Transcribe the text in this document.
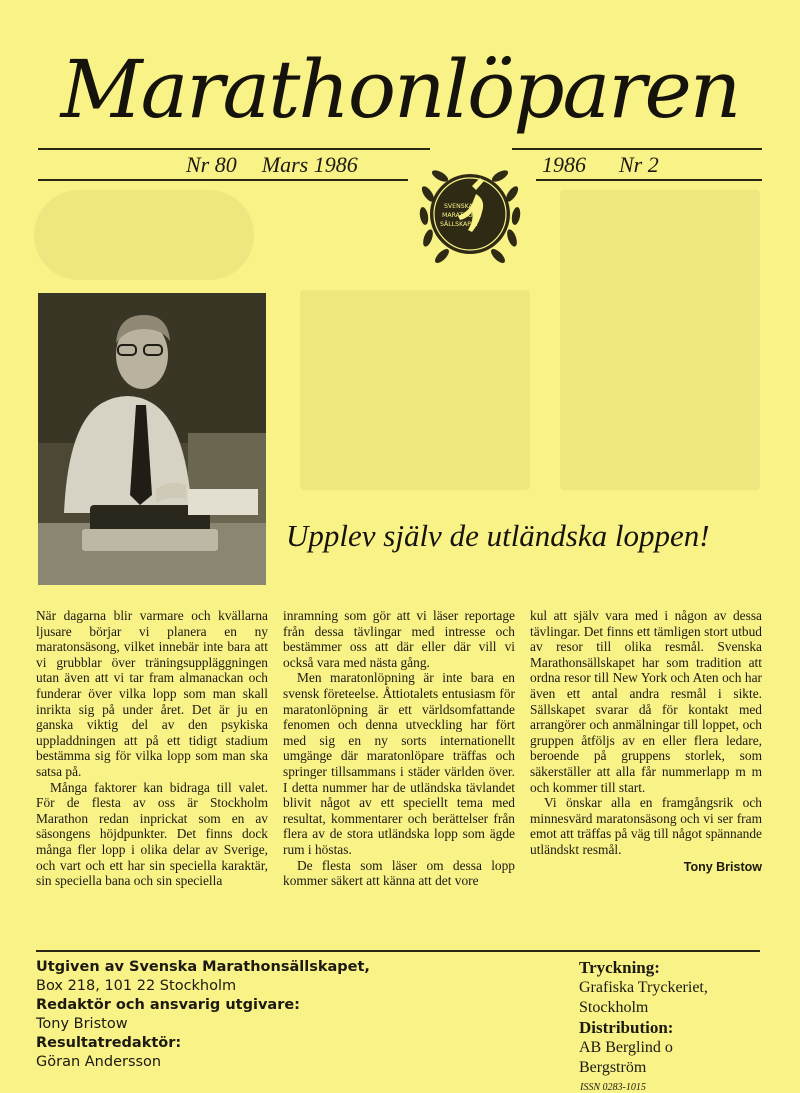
Marathonlöparen
Nr 80 Mars 1986	1986 Nr 2
SVENSKA
MARATHON
SÄLLSKAPET
Upplev själv de utländska loppen!

När dagarna blir varmare och kvällarna ljusare börjar vi planera en ny maratonsäsong, vilket innebär inte bara att vi grubblar över träningsuppläggningen utan även att vi tar fram almanackan och funderar över vilka lopp som man skall inrikta sig på under året. Det är ju en ganska viktig del av den psykiska uppladdningen att på ett tidigt stadium bestämma sig för vilka lopp som man ska satsa på.

Många faktorer kan bidraga till valet. För de flesta av oss är Stockholm Marathon redan inprickat som en av säsongens höjdpunkter. Det finns dock många fler lopp i olika delar av Sverige, och vart och ett har sin speciella karaktär, sin speciella bana och sin speciella

inramning som gör att vi läser reportage från dessa tävlingar med intresse och bestämmer oss att där eller där vill vi också vara med nästa gång.

Men maratonlöpning är inte bara en svensk företeelse. Åttiotalets entusiasm för maratonlöpning är ett världsomfattande fenomen och denna utveckling har fört med sig en ny sorts internationellt umgänge där maratonlöpare träffas och springer tillsammans i städer världen över. I detta nummer har de utländska tävlandet blivit något av ett speciellt tema med resultat, kommentarer och berättelser från flera av de stora utländska lopp som ägde rum i höstas.

De flesta som läser om dessa lopp kommer säkert att känna att det vore

kul att själv vara med i någon av dessa tävlingar. Det finns ett tämligen stort utbud av resor till olika resmål. Svenska Marathonsällskapet har som tradition att ordna resor till New York och Aten och har även ett antal andra resmål i sikte. Sällskapet svarar då för kontakt med arrangörer och anmälningar till loppet, och gruppen åtföljs av en eller flera ledare, beroende på gruppens storlek, som säkerställer att alla får nummerlapp m m och kommer till start.

Vi önskar alla en framgångsrik och minnesvärd maratonsäsong och vi ser fram emot att träffas på väg till något spännande utländskt resmål.

Tony Bristow
Utgiven av Svenska Marathonsällskapet,
Box 218, 101 22 Stockholm
Redaktör och ansvarig utgivare:
Tony Bristow
Resultatredaktör:
Göran Andersson
Tryckning:
Grafiska Tryckeriet,
Stockholm
Distribution:
AB Berglind o
Bergström
ISSN 0283-1015
